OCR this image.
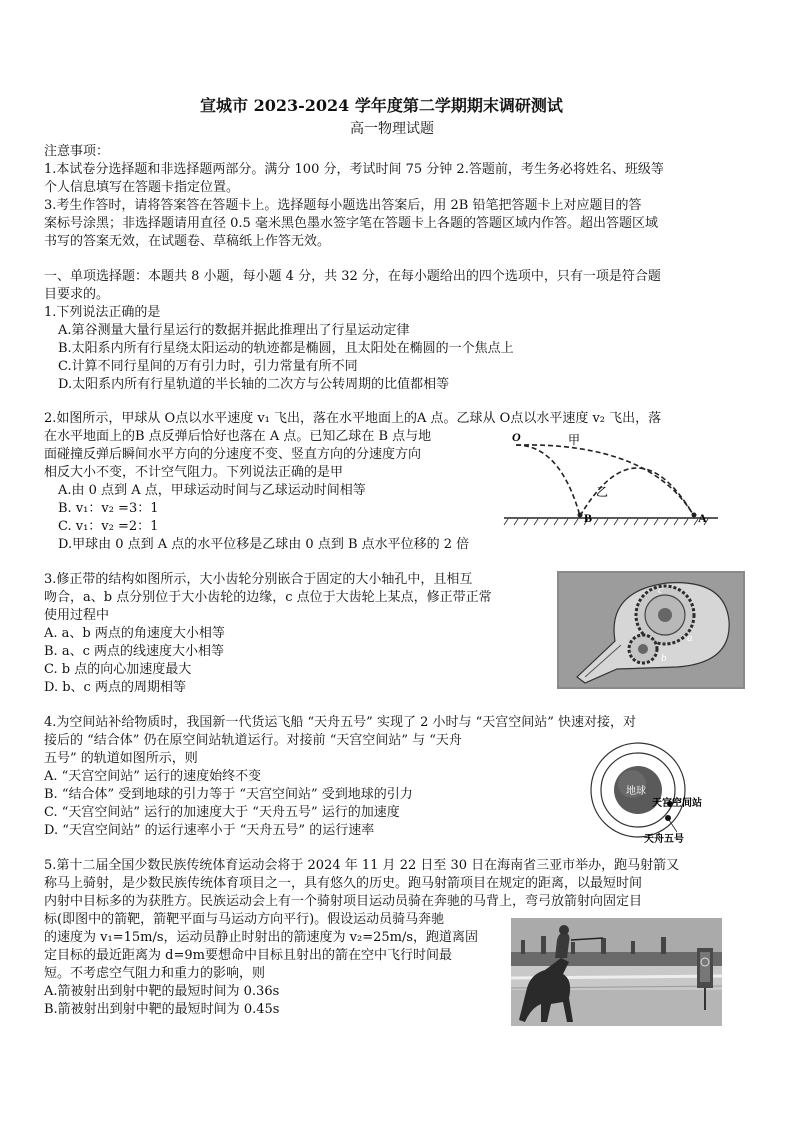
宣城市 2023-2024 学年度第二学期期末调研测试
高一物理试题
注意事项：
1.本试卷分选择题和非选择题两部分。满分 100 分，考试时间 75 分钟 2.答题前，考生务必将姓名、班级等
个人信息填写在答题卡指定位置。
3.考生作答时，请将答案答在答题卡上。选择题每小题选出答案后，用 2B 铅笔把答题卡上对应题目的答
案标号涂黑；非选择题请用直径 0.5 毫米黑色墨水签字笔在答题卡上各题的答题区域内作答。超出答题区域
书写的答案无效，在试题卷、草稿纸上作答无效。
一、单项选择题：本题共 8 小题，每小题 4 分，共 32 分，在每小题给出的四个选项中，只有一项是符合题
目要求的。
1.下列说法正确的是
A.第谷测量大量行星运行的数据并据此推理出了行星运动定律
B.太阳系内所有行星绕太阳运动的轨迹都是椭圆，且太阳处在椭圆的一个焦点上
C.计算不同行星间的万有引力时，引力常量有所不同
D.太阳系内所有行星轨道的半长轴的二次方与公转周期的比值都相等
2.如图所示，甲球从 O点以水平速度 v₁ 飞出，落在水平地面上的A 点。乙球从 O点以水平速度 v₂ 飞出，落
在水平地面上的B 点反弹后恰好也落在 A 点。已知乙球在 B 点与地
面碰撞反弹后瞬间水平方向的分速度不变、竖直方向的分速度方向
相反大小不变，不计空气阻力。下列说法正确的是甲
A.由 0 点到 A 点，甲球运动时间与乙球运动时间相等
B. v₁：v₂ =3：1
C. v₁：v₂ =2：1
D.甲球由 0 点到 A 点的水平位移是乙球由 0 点到 B 点水平位移的 2 倍
O	甲
乙
B	A
3.修正带的结构如图所示，大小齿轮分别嵌合于固定的大小轴孔中，且相互
吻合，a、b 点分别位于大小齿轮的边缘，c 点位于大齿轮上某点，修正带正常
使用过程中
A. a、b 两点的角速度大小相等
B. a、c 两点的线速度大小相等
C. b 点的向心加速度最大
D. b、c 两点的周期相等
c
a
b
4.为空间站补给物质时，我国新一代货运飞船 “天舟五号” 实现了 2 小时与 “天宫空间站” 快速对接，对
接后的 “结合体” 仍在原空间站轨道运行。对接前 “天宫空间站” 与 “天舟
五号” 的轨道如图所示，则
A. “天宫空间站” 运行的速度始终不变
B. “结合体” 受到地球的引力等于 “天宫空间站” 受到地球的引力
C. “天宫空间站” 运行的加速度大于 “天舟五号” 运行的加速度
D. “天宫空间站” 的运行速率小于 “天舟五号” 的运行速率
地球
天宫空间站
天舟五号
5.第十二届全国少数民族传统体育运动会将于 2024 年 11 月 22 日至 30 日在海南省三亚市举办，跑马射箭又
称马上骑射，是少数民族传统体育项目之一，具有悠久的历史。跑马射箭项目在规定的距离，以最短时间
内射中目标多的为获胜方。民族运动会上有一个骑射项目运动员骑在奔驰的马背上，弯弓放箭射向固定目
标(即图中的箭靶，箭靶平面与马运动方向平行)。假设运动员骑马奔驰
的速度为 v₁=15m/s，运动员静止时射出的箭速度为 v₂=25m/s，跑道离固
定目标的最近距离为 d=9m要想命中目标且射出的箭在空中飞行时间最
短。不考虑空气阻力和重力的影响，则
A.箭被射出到射中靶的最短时间为 0.36s
B.箭被射出到射中靶的最短时间为 0.45s
